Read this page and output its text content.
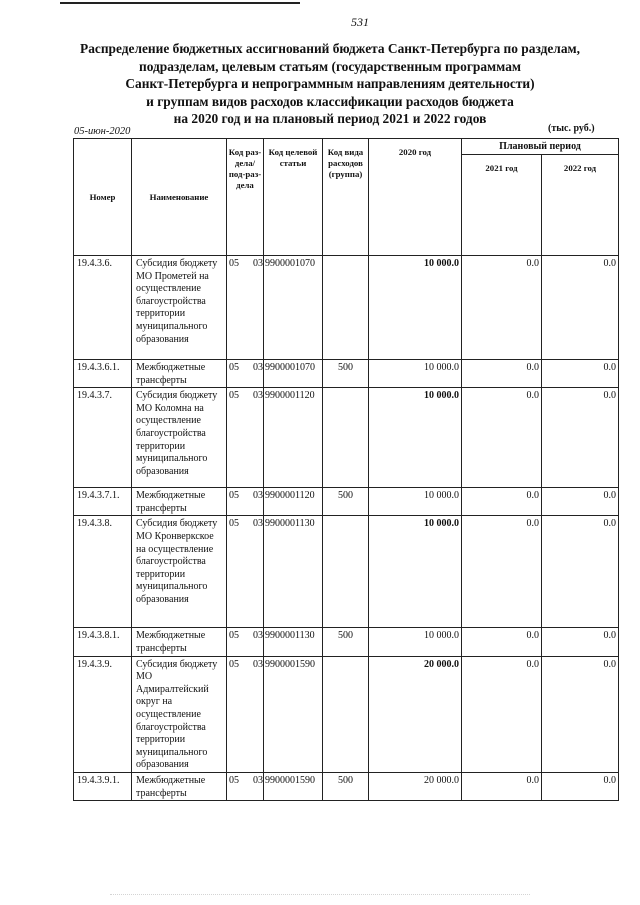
531
Распределение бюджетных ассигнований бюджета Санкт-Петербурга по разделам,
подразделам, целевым статьям (государственным программам
Санкт-Петербурга и непрограммным направлениям деятельности)
и группам видов расходов классификации расходов бюджета
на 2020 год и на плановый период 2021 и 2022 годов
05-июн-2020	(тыс. руб.)
Номер	Наименование	Код раз-дела/ под-раз-дела	Код целевой статьи	Код вида расходов (группа)	2020 год	Плановый период	
						2021 год	2022 год
19.4.3.6.	Субсидия бюджету МО Прометей на осуществление благоустройства территории муниципального образования	05 03	9900001070		10 000.0	0.0	0.0
19.4.3.6.1.	Межбюджетные трансферты	05 03	9900001070	500	10 000.0	0.0	0.0
19.4.3.7.	Субсидия бюджету МО Коломна на осуществление благоустройства территории муниципального образования	05 03	9900001120		10 000.0	0.0	0.0
19.4.3.7.1.	Межбюджетные трансферты	05 03	9900001120	500	10 000.0	0.0	0.0
19.4.3.8.	Субсидия бюджету МО Кронверкское на осуществление благоустройства территории муниципального образования	05 03	9900001130		10 000.0	0.0	0.0
19.4.3.8.1.	Межбюджетные трансферты	05 03	9900001130	500	10 000.0	0.0	0.0
19.4.3.9.	Субсидия бюджету МО Адмиралтейский округ на осуществление благоустройства территории муниципального образования	05 03	9900001590		20 000.0	0.0	0.0
19.4.3.9.1.	Межбюджетные трансферты	05 03	9900001590	500	20 000.0	0.0	0.0
